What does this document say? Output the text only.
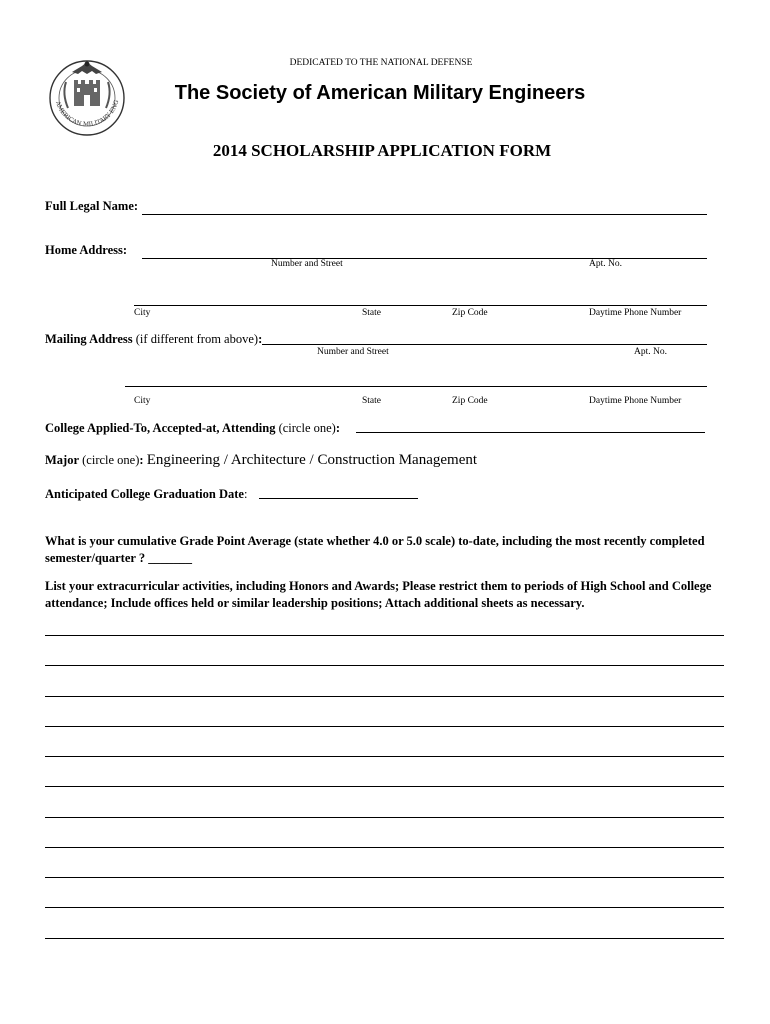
AMERICAN MILITARY ENG
DEDICATED TO THE NATIONAL DEFENSE
The Society of American Military Engineers
2014 SCHOLARSHIP APPLICATION FORM
Full Legal Name:
Home Address:
Number and Street	Apt. No.
City	State	Zip Code	Daytime Phone Number
Mailing Address (if different from above):
Number and Street	Apt. No.
City	State	Zip Code	Daytime Phone Number
College Applied-To, Accepted-at, Attending (circle one):
Major (circle one): Engineering / Architecture / Construction Management
Anticipated College Graduation Date:
What is your cumulative Grade Point Average (state whether 4.0 or 5.0 scale) to-date, including the most recently completed semester/quarter ? _______
List your extracurricular activities, including Honors and Awards; Please restrict them to periods of High School and College attendance; Include offices held or similar leadership positions; Attach additional sheets as necessary.
